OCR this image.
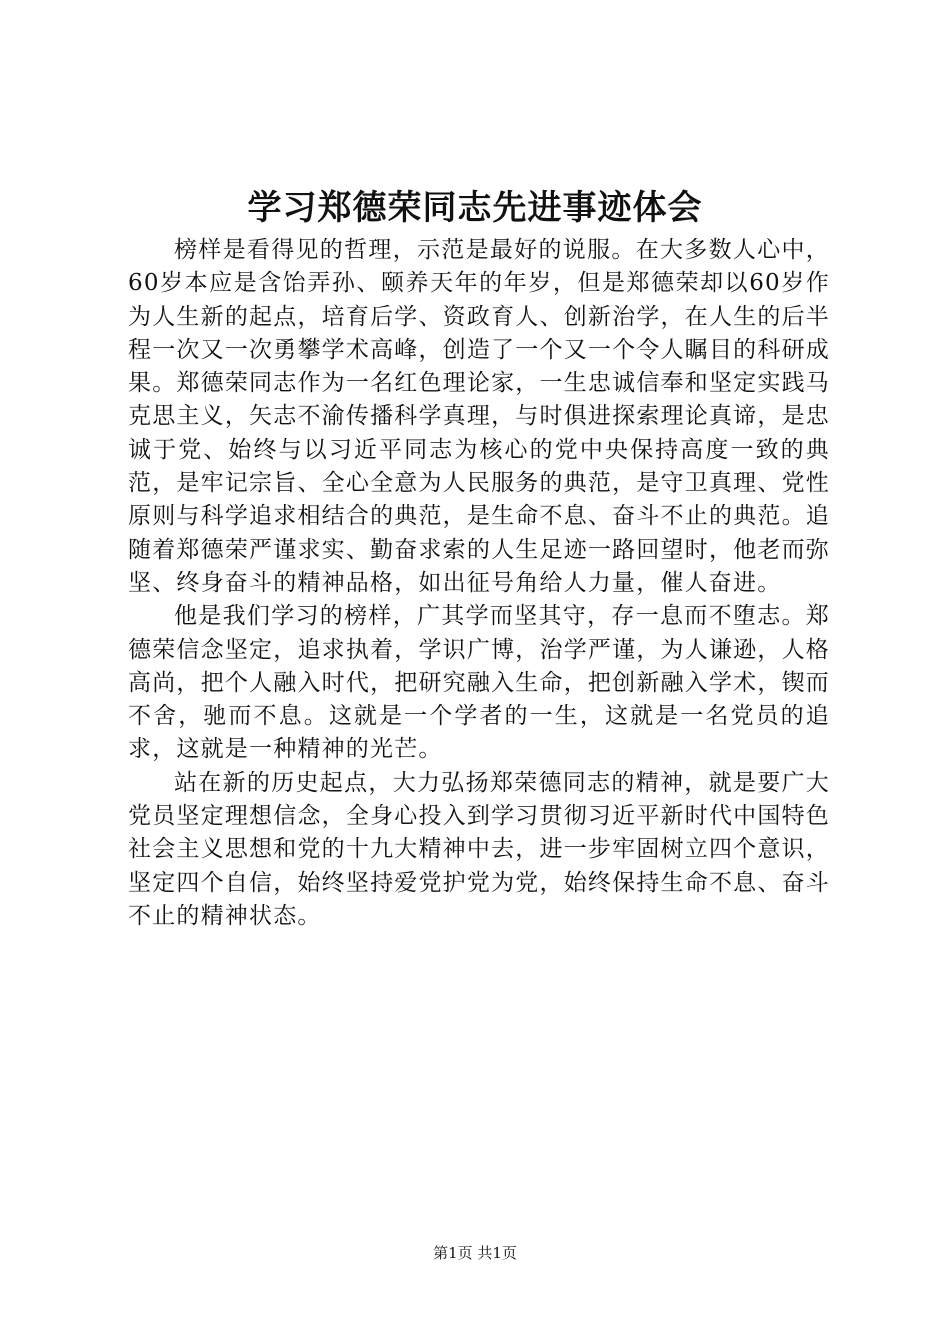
学习郑德荣同志先进事迹体会

榜样是看得见的哲理，示范是最好的说服。在大多数人心中，60岁本应是含饴弄孙、颐养天年的年岁，但是郑德荣却以60岁作为人生新的起点，培育后学、资政育人、创新治学，在人生的后半程一次又一次勇攀学术高峰，创造了一个又一个令人瞩目的科研成果。郑德荣同志作为一名红色理论家，一生忠诚信奉和坚定实践马克思主义，矢志不渝传播科学真理，与时俱进探索理论真谛，是忠诚于党、始终与以习近平同志为核心的党中央保持高度一致的典范，是牢记宗旨、全心全意为人民服务的典范，是守卫真理、党性原则与科学追求相结合的典范，是生命不息、奋斗不止的典范。追随着郑德荣严谨求实、勤奋求索的人生足迹一路回望时，他老而弥坚、终身奋斗的精神品格，如出征号角给人力量，催人奋进。

他是我们学习的榜样，广其学而坚其守，存一息而不堕志。郑德荣信念坚定，追求执着，学识广博，治学严谨，为人谦逊，人格高尚，把个人融入时代，把研究融入生命，把创新融入学术，锲而不舍，驰而不息。这就是一个学者的一生，这就是一名党员的追求，这就是一种精神的光芒。

站在新的历史起点，大力弘扬郑荣德同志的精神，就是要广大党员坚定理想信念，全身心投入到学习贯彻习近平新时代中国特色社会主义思想和党的十九大精神中去，进一步牢固树立四个意识，坚定四个自信，始终坚持爱党护党为党，始终保持生命不息、奋斗不止的精神状态。

第1页 共1页
